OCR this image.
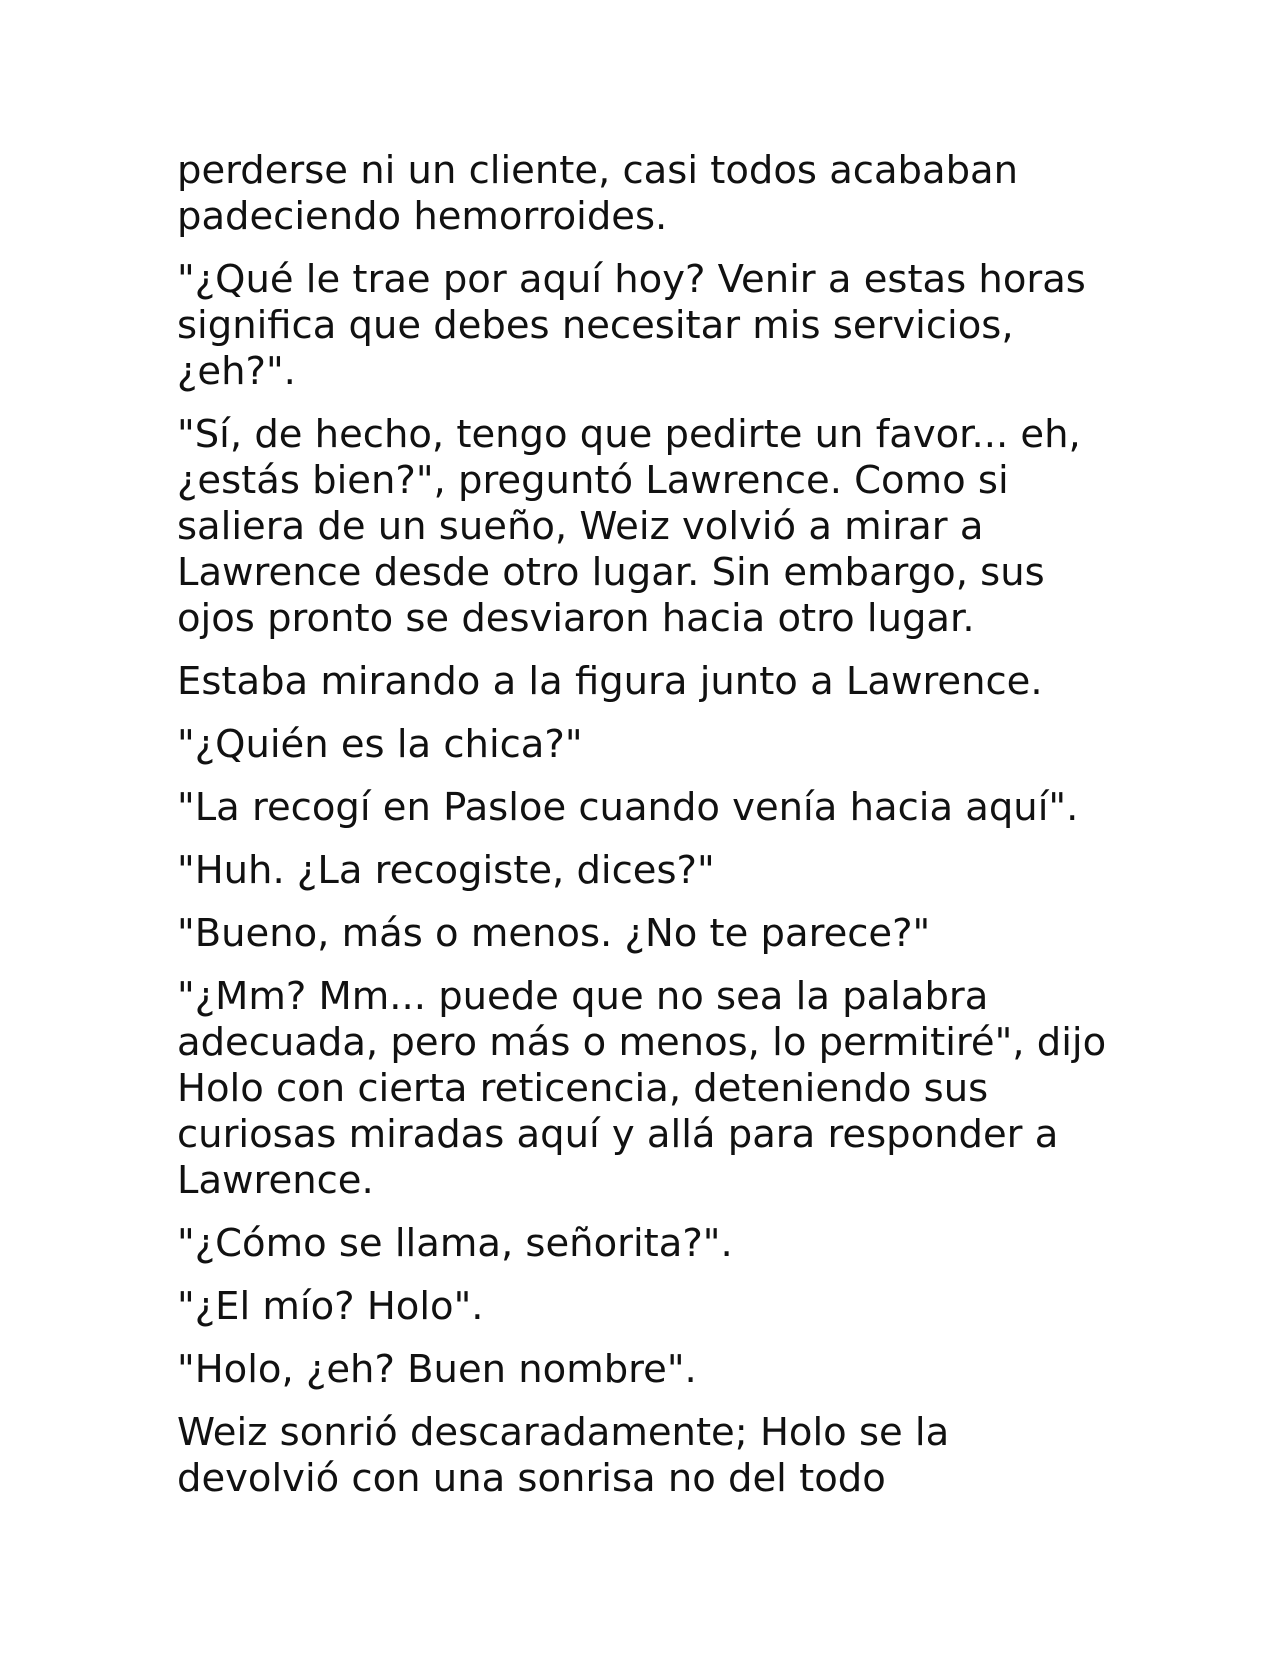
perderse ni un cliente, casi todos acababan
padeciendo hemorroides.

"¿Qué le trae por aquí hoy? Venir a estas horas
significa que debes necesitar mis servicios,
¿eh?".

"Sí, de hecho, tengo que pedirte un favor... eh,
¿estás bien?", preguntó Lawrence. Como si
saliera de un sueño, Weiz volvió a mirar a
Lawrence desde otro lugar. Sin embargo, sus
ojos pronto se desviaron hacia otro lugar.

Estaba mirando a la figura junto a Lawrence.

"¿Quién es la chica?"

"La recogí en Pasloe cuando venía hacia aquí".

"Huh. ¿La recogiste, dices?"

"Bueno, más o menos. ¿No te parece?"

"¿Mm? Mm... puede que no sea la palabra
adecuada, pero más o menos, lo permitiré", dijo
Holo con cierta reticencia, deteniendo sus
curiosas miradas aquí y allá para responder a
Lawrence.

"¿Cómo se llama, señorita?".

"¿El mío? Holo".

"Holo, ¿eh? Buen nombre".

Weiz sonrió descaradamente; Holo se la
devolvió con una sonrisa no del todo
